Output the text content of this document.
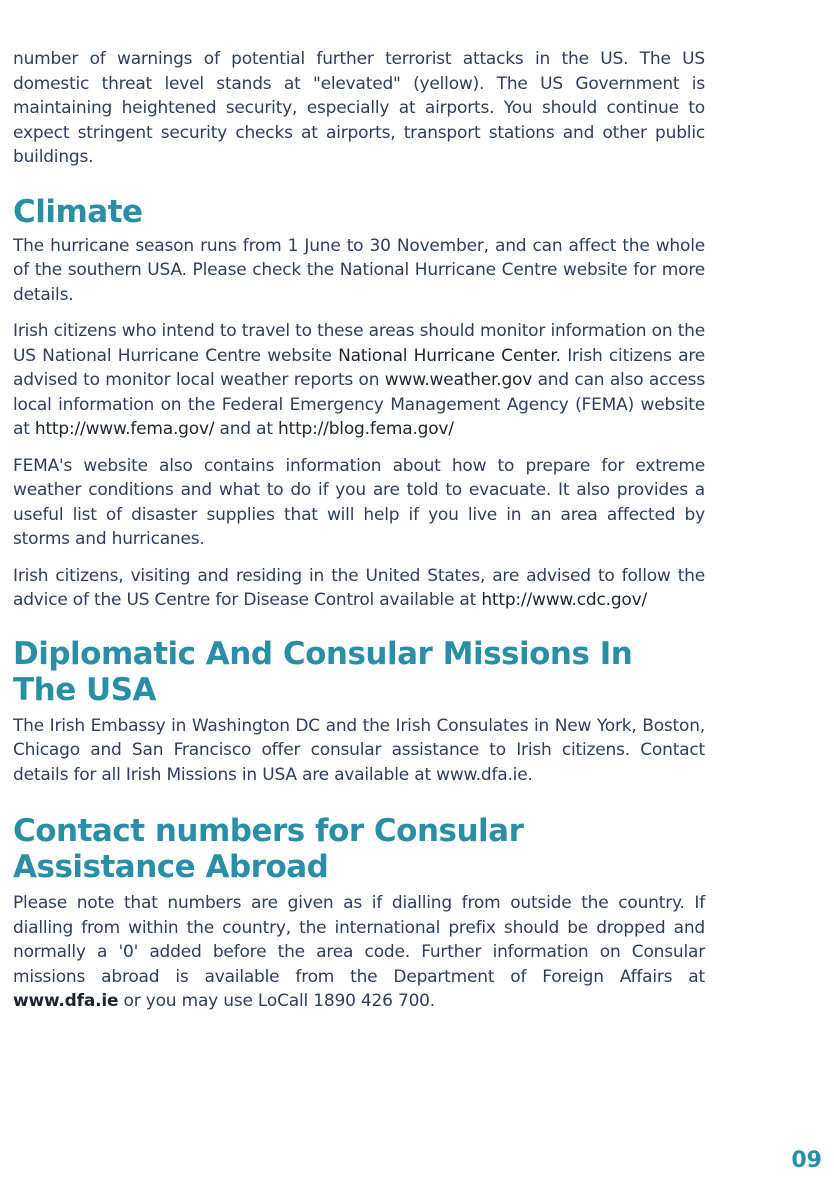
number of warnings of potential further terrorist attacks in the US. The US domestic threat level stands at "elevated" (yellow). The US Government is maintaining heightened security, especially at airports. You should continue to expect stringent security checks at airports, transport stations and other public buildings.

Climate

The hurricane season runs from 1 June to 30 November, and can affect the whole of the southern USA. Please check the National Hurricane Centre website for more details.

Irish citizens who intend to travel to these areas should monitor information on the US National Hurricane Centre website National Hurricane Center. Irish citizens are advised to monitor local weather reports on www.weather.gov and can also access local information on the Federal Emergency Management Agency (FEMA) website at http://www.fema.gov/ and at http://blog.fema.gov/

FEMA's website also contains information about how to prepare for extreme weather conditions and what to do if you are told to evacuate. It also provides a useful list of disaster supplies that will help if you live in an area affected by storms and hurricanes.

Irish citizens, visiting and residing in the United States, are advised to follow the advice of the US Centre for Disease Control available at http://www.cdc.gov/

Diplomatic And Consular Missions In The USA

The Irish Embassy in Washington DC and the Irish Consulates in New York, Boston, Chicago and San Francisco offer consular assistance to Irish citizens. Contact details for all Irish Missions in USA are available at www.dfa.ie.

Contact numbers for Consular Assistance Abroad

Please note that numbers are given as if dialling from outside the country. If dialling from within the country, the international prefix should be dropped and normally a '0' added before the area code. Further information on Consular missions abroad is available from the Department of Foreign Affairs at www.dfa.ie or you may use LoCall 1890 426 700.

09
